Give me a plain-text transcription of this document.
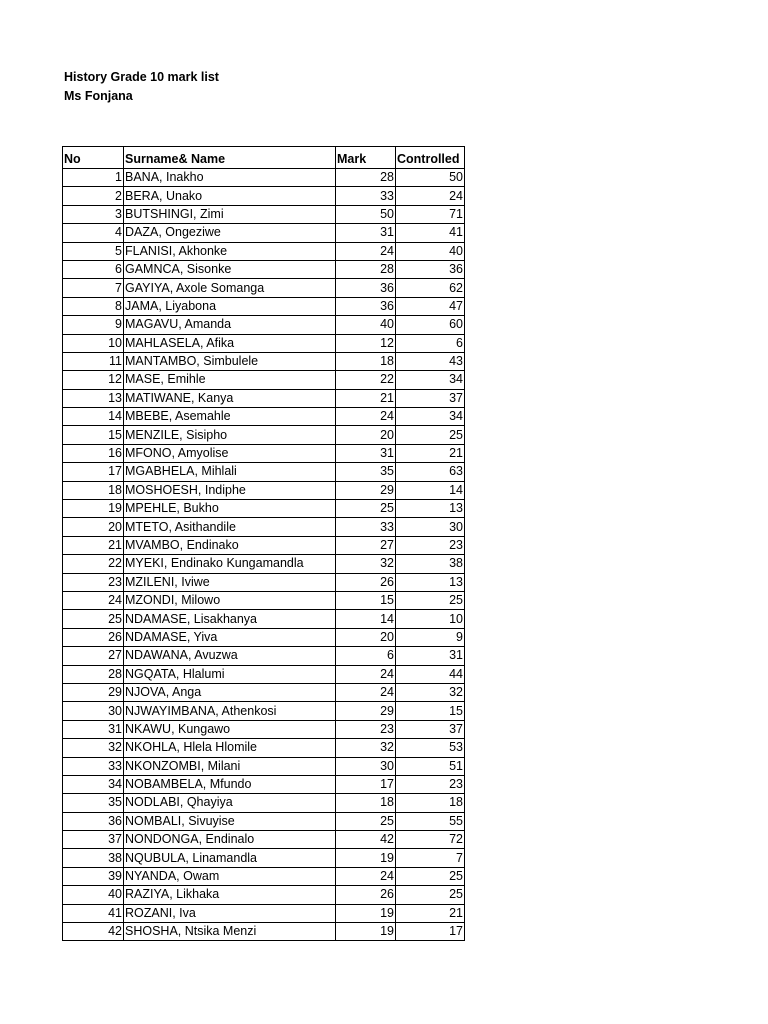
History Grade 10 mark list
Ms Fonjana
No	Surname& Name	Mark	Controlled
1	BANA, Inakho	28	50
2	BERA, Unako	33	24
3	BUTSHINGI, Zimi	50	71
4	DAZA, Ongeziwe	31	41
5	FLANISI, Akhonke	24	40
6	GAMNCA, Sisonke	28	36
7	GAYIYA, Axole Somanga	36	62
8	JAMA, Liyabona	36	47
9	MAGAVU, Amanda	40	60
10	MAHLASELA, Afika	12	6
11	MANTAMBO, Simbulele	18	43
12	MASE, Emihle	22	34
13	MATIWANE, Kanya	21	37
14	MBEBE, Asemahle	24	34
15	MENZILE, Sisipho	20	25
16	MFONO, Amyolise	31	21
17	MGABHELA, Mihlali	35	63
18	MOSHOESH, Indiphe	29	14
19	MPEHLE, Bukho	25	13
20	MTETO, Asithandile	33	30
21	MVAMBO, Endinako	27	23
22	MYEKI, Endinako Kungamandla	32	38
23	MZILENI, Iviwe	26	13
24	MZONDI, Milowo	15	25
25	NDAMASE, Lisakhanya	14	10
26	NDAMASE, Yiva	20	9
27	NDAWANA, Avuzwa	6	31
28	NGQATA, Hlalumi	24	44
29	NJOVA, Anga	24	32
30	NJWAYIMBANA, Athenkosi	29	15
31	NKAWU, Kungawo	23	37
32	NKOHLA, Hlela Hlomile	32	53
33	NKONZOMBI, Milani	30	51
34	NOBAMBELA, Mfundo	17	23
35	NODLABI, Qhayiya	18	18
36	NOMBALI, Sivuyise	25	55
37	NONDONGA, Endinalo	42	72
38	NQUBULA, Linamandla	19	7
39	NYANDA, Owam	24	25
40	RAZIYA, Likhaka	26	25
41	ROZANI, Iva	19	21
42	SHOSHA, Ntsika Menzi	19	17
